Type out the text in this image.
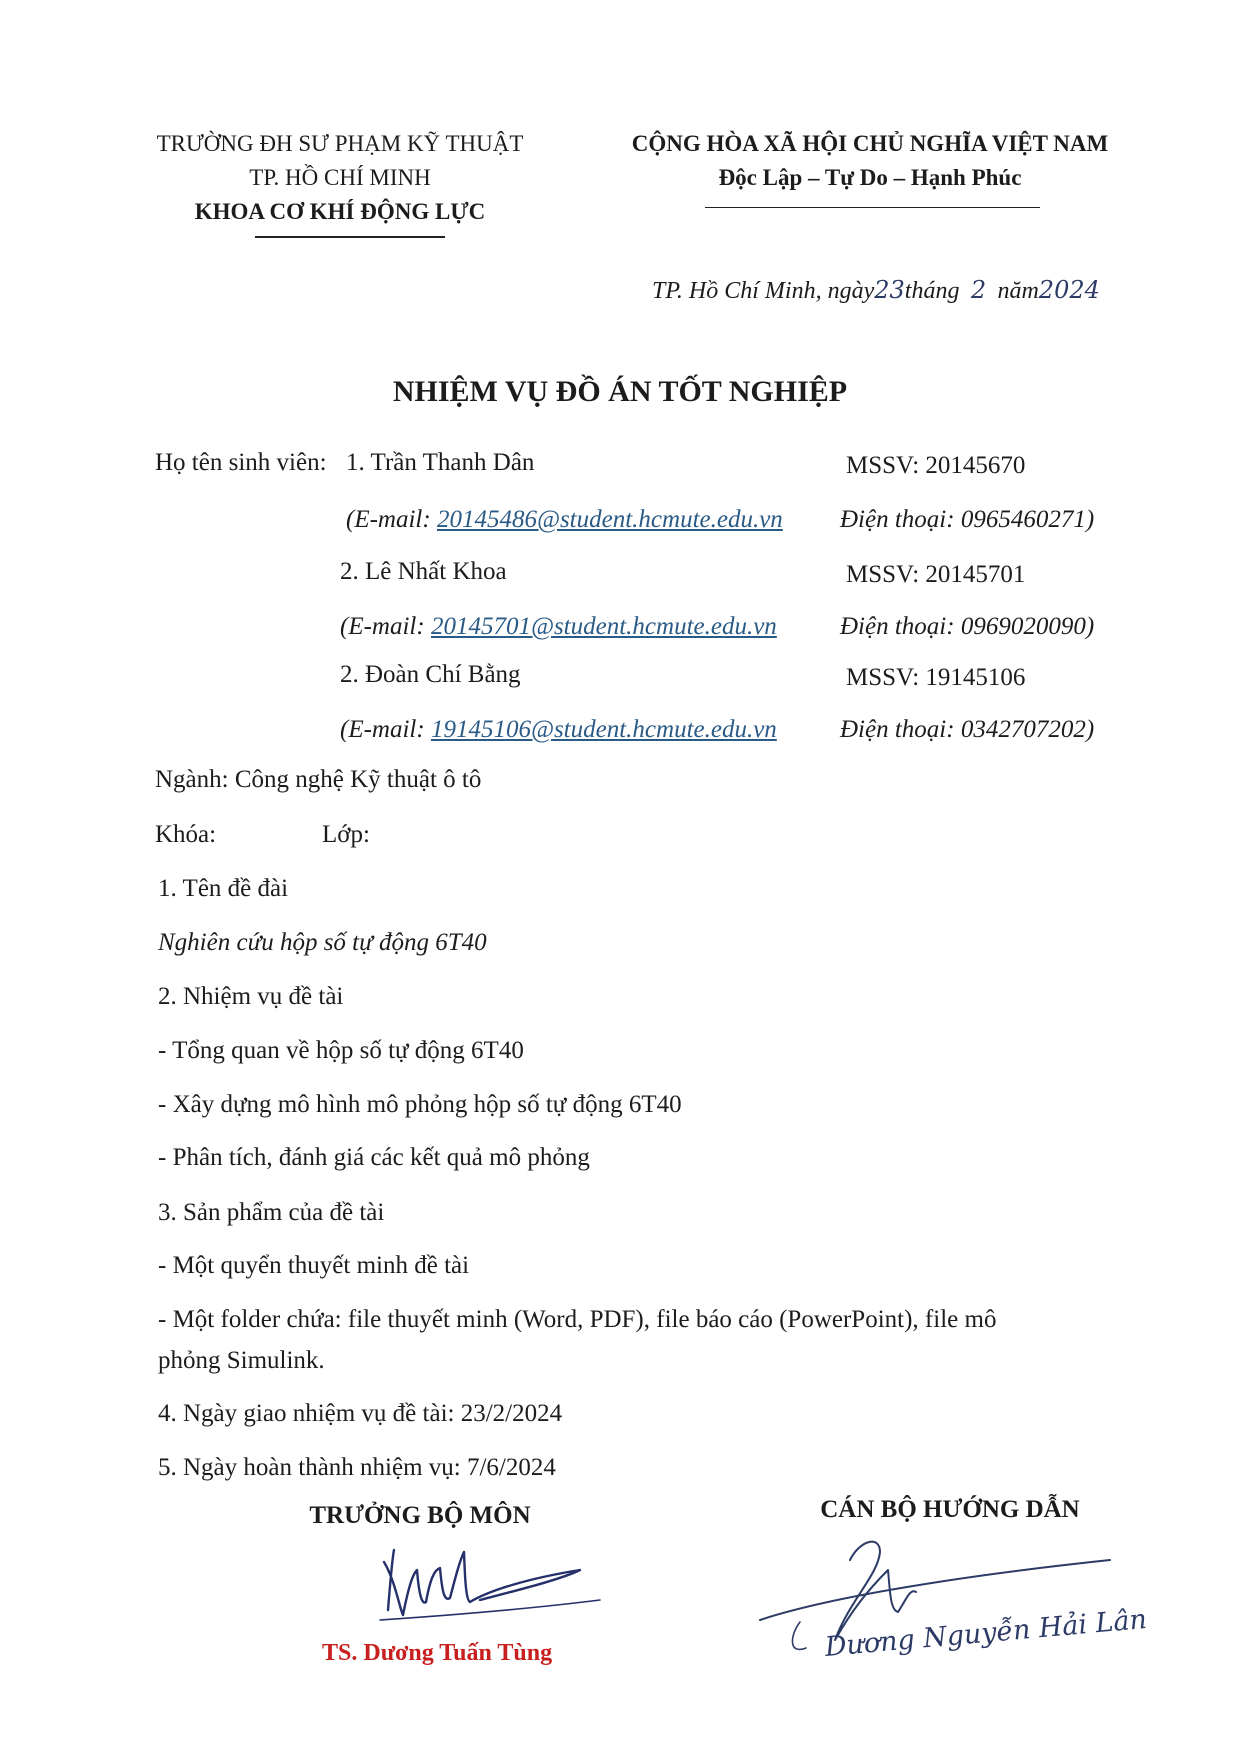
TRƯỜNG ĐH SƯ PHẠM KỸ THUẬT
TP. HỒ CHÍ MINH
KHOA CƠ KHÍ ĐỘNG LỰC
CỘNG HÒA XÃ HỘI CHỦ NGHĨA VIỆT NAM
Độc Lập – Tự Do – Hạnh Phúc
TP. Hồ Chí Minh, ngày23tháng 2 năm2024
NHIỆM VỤ ĐỒ ÁN TỐT NGHIỆP
Họ tên sinh viên: 1. Trần Thanh Dân	MSSV: 20145670
(E-mail: 20145486@student.hcmute.edu.vn Điện thoại: 0965460271)
2. Lê Nhất Khoa	MSSV: 20145701
(E-mail: 20145701@student.hcmute.edu.vn	Điện thoại: 0969020090)
2. Đoàn Chí Bằng	MSSV: 19145106
(E-mail: 19145106@student.hcmute.edu.vn	Điện thoại: 0342707202)
Ngành: Công nghệ Kỹ thuật ô tô
Khóa:	Lớp:
1. Tên đề đài
Nghiên cứu hộp số tự động 6T40
2. Nhiệm vụ đề tài
- Tổng quan về hộp số tự động 6T40
- Xây dựng mô hình mô phỏng hộp số tự động 6T40
- Phân tích, đánh giá các kết quả mô phỏng
3. Sản phẩm của đề tài
- Một quyển thuyết minh đề tài
- Một folder chứa: file thuyết minh (Word, PDF), file báo cáo (PowerPoint), file mô
phỏng Simulink.
4. Ngày giao nhiệm vụ đề tài: 23/2/2024
5. Ngày hoàn thành nhiệm vụ: 7/6/2024
TRƯỞNG BỘ MÔN	CÁN BỘ HƯỚNG DẪN
TS. Dương Tuấn Tùng	Dương Nguyễn Hải Lân
